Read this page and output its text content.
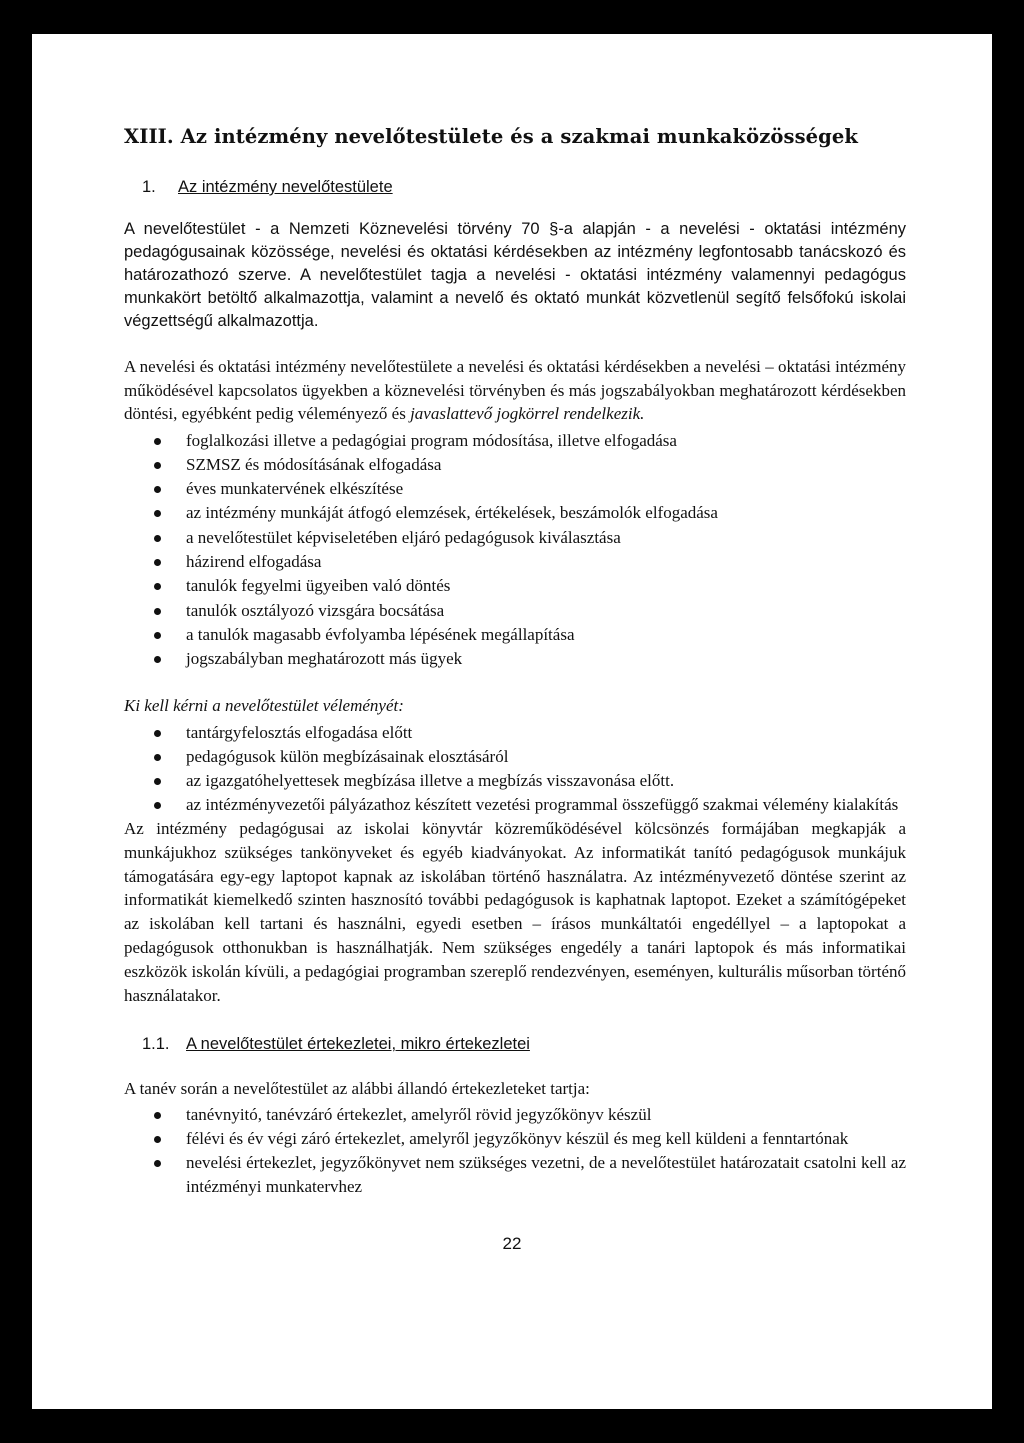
XIII. Az intézmény nevelőtestülete és a szakmai munkaközösségek
1. Az intézmény nevelőtestülete

A nevelőtestület - a Nemzeti Köznevelési törvény 70 §-a alapján - a nevelési - oktatási intézmény pedagógusainak közössége, nevelési és oktatási kérdésekben az intézmény legfontosabb tanácskozó és határozathozó szerve. A nevelőtestület tagja a nevelési - oktatási intézmény valamennyi pedagógus munkakört betöltő alkalmazottja, valamint a nevelő és oktató munkát közvetlenül segítő felsőfokú iskolai végzettségű alkalmazottja.

A nevelési és oktatási intézmény nevelőtestülete a nevelési és oktatási kérdésekben a nevelési – oktatási intézmény működésével kapcsolatos ügyekben a köznevelési törvényben és más jogszabályokban meghatározott kérdésekben döntési, egyébként pedig véleményező és javaslattevő jogkörrel rendelkezik.

foglalkozási illetve a pedagógiai program módosítása, illetve elfogadása
SZMSZ és módosításának elfogadása
éves munkatervének elkészítése
az intézmény munkáját átfogó elemzések, értékelések, beszámolók elfogadása
a nevelőtestület képviseletében eljáró pedagógusok kiválasztása
házirend elfogadása
tanulók fegyelmi ügyeiben való döntés
tanulók osztályozó vizsgára bocsátása
a tanulók magasabb évfolyamba lépésének megállapítása
jogszabályban meghatározott más ügyek

Ki kell kérni a nevelőtestület véleményét:

tantárgyfelosztás elfogadása előtt
pedagógusok külön megbízásainak elosztásáról
az igazgatóhelyettesek megbízása illetve a megbízás visszavonása előtt.
az intézményvezetői pályázathoz készített vezetési programmal összefüggő szakmai vélemény kialakítás

Az intézmény pedagógusai az iskolai könyvtár közreműködésével kölcsönzés formájában megkapják a munkájukhoz szükséges tankönyveket és egyéb kiadványokat. Az informatikát tanító pedagógusok munkájuk támogatására egy-egy laptopot kapnak az iskolában történő használatra. Az intézményvezető döntése szerint az informatikát kiemelkedő szinten hasznosító további pedagógusok is kaphatnak laptopot. Ezeket a számítógépeket az iskolában kell tartani és használni, egyedi esetben – írásos munkáltatói engedéllyel – a laptopokat a pedagógusok otthonukban is használhatják. Nem szükséges engedély a tanári laptopok és más informatikai eszközök iskolán kívüli, a pedagógiai programban szereplő rendezvényen, eseményen, kulturális műsorban történő használatakor.

1.1. A nevelőtestület értekezletei, mikro értekezletei

A tanév során a nevelőtestület az alábbi állandó értekezleteket tartja:

tanévnyitó, tanévzáró értekezlet, amelyről rövid jegyzőkönyv készül
félévi és év végi záró értekezlet, amelyről jegyzőkönyv készül és meg kell küldeni a fenntartónak
nevelési értekezlet, jegyzőkönyvet nem szükséges vezetni, de a nevelőtestület határozatait csatolni kell az intézményi munkatervhez
22
